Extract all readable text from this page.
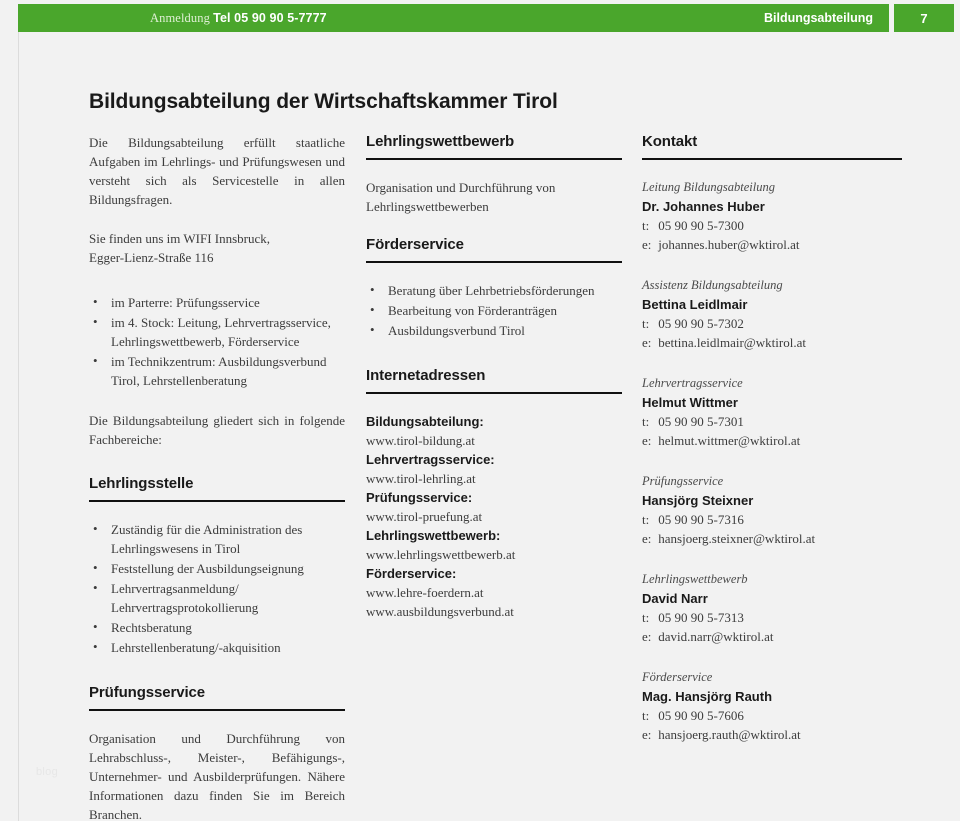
Anmeldung Tel 05 90 90 5-7777	Bildungsabteilung	7
blog
Bildungsabteilung der Wirtschaftskammer Tirol

Die Bildungsabteilung erfüllt staatliche Aufgaben im Lehrlings- und Prüfungswesen und versteht sich als Servicestelle in allen Bildungsfragen.

Sie finden uns im WIFI Innsbruck,

Egger-Lienz-Straße 116

• im Parterre: Prüfungsservice
• im 4. Stock: Leitung, Lehrvertragsservice, Lehrlingswettbewerb, Förderservice
• im Technikzentrum: Ausbildungsverbund Tirol, Lehrstellenberatung

Die Bildungsabteilung gliedert sich in folgende Fachbereiche:

Lehrlingsstelle
• Zuständig für die Administration des Lehrlingswesens in Tirol
• Feststellung der Ausbildungseignung
• Lehrvertragsanmeldung/ Lehrvertragsprotokollierung
• Rechtsberatung
• Lehrstellenberatung/-akquisition
Prüfungsservice

Organisation und Durchführung von Lehrabschluss-, Meister-, Befähigungs-, Unternehmer- und Ausbilderprüfungen. Nähere Informationen dazu finden Sie im Bereich Branchen.

Lehrlingswettbewerb

Organisation und Durchführung von Lehrlingswettbewerben

Förderservice
• Beratung über Lehrbetriebsförderungen
• Bearbeitung von Förderanträgen
• Ausbildungsverbund Tirol
Internetadressen
Bildungsabteilung:
www.tirol-bildung.at
Lehrvertragsservice:
www.tirol-lehrling.at
Prüfungsservice:
www.tirol-pruefung.at
Lehrlingswettbewerb:
www.lehrlingswettbewerb.at
Förderservice:
www.lehre-foerdern.at
www.ausbildungsverbund.at
Kontakt
Leitung Bildungsabteilung
Dr. Johannes Huber
t: 05 90 90 5-7300
e: johannes.huber@wktirol.at
Assistenz Bildungsabteilung
Bettina Leidlmair
t: 05 90 90 5-7302
e: bettina.leidlmair@wktirol.at
Lehrvertragsservice
Helmut Wittmer
t: 05 90 90 5-7301
e: helmut.wittmer@wktirol.at
Prüfungsservice
Hansjörg Steixner
t: 05 90 90 5-7316
e: hansjoerg.steixner@wktirol.at
Lehrlingswettbewerb
David Narr
t: 05 90 90 5-7313
e: david.narr@wktirol.at
Förderservice
Mag. Hansjörg Rauth
t: 05 90 90 5-7606
e: hansjoerg.rauth@wktirol.at
